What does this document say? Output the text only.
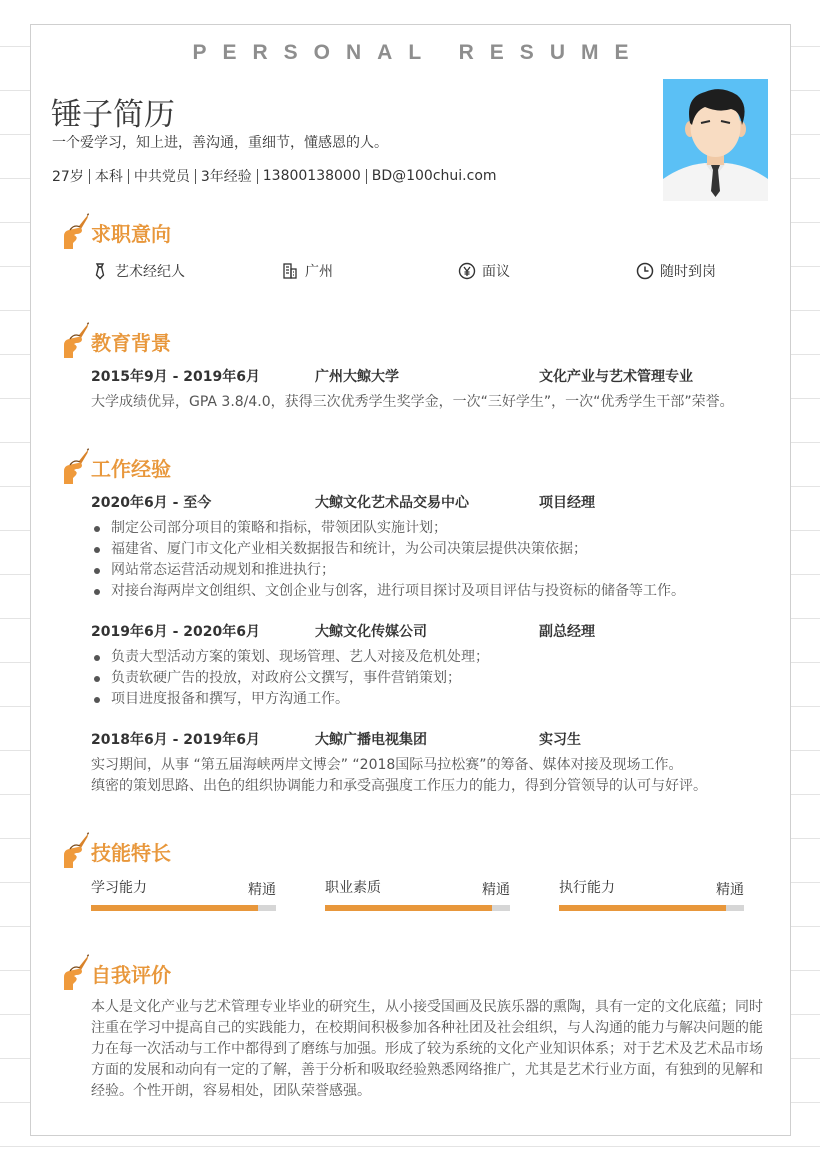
PERSONAL RESUME
锤子简历
一个爱学习，知上进，善沟通，重细节，懂感恩的人。
27岁 本科 中共党员 3年经验 13800138000 BD@100chui.com
求职意向
艺术经纪人	广州	面议	随时到岗
教育背景
2015年9月 - 2019年6月	广州大鲸大学	文化产业与艺术管理专业
大学成绩优异，GPA 3.8/4.0，获得三次优秀学生奖学金，一次“三好学生”，一次“优秀学生干部”荣誉。
工作经验
2020年6月 - 至今	大鲸文化艺术品交易中心	项目经理
制定公司部分项目的策略和指标，带领团队实施计划；
福建省、厦门市文化产业相关数据报告和统计，为公司决策层提供决策依据；
网站常态运营活动规划和推进执行；
对接台海两岸文创组织、文创企业与创客，进行项目探讨及项目评估与投资标的储备等工作。
2019年6月 - 2020年6月	大鲸文化传媒公司	副总经理
负责大型活动方案的策划、现场管理、艺人对接及危机处理；
负责软硬广告的投放，对政府公文撰写，事件营销策划；
项目进度报备和撰写，甲方沟通工作。
2018年6月 - 2019年6月	大鲸广播电视集团	实习生
实习期间，从事 “第五届海峡两岸文博会” “2018国际马拉松赛”的筹备、媒体对接及现场工作。
缜密的策划思路、出色的组织协调能力和承受高强度工作压力的能力，得到分管领导的认可与好评。
技能特长
学习能力	精通	职业素质	精通	执行能力	精通
自我评价
本人是文化产业与艺术管理专业毕业的研究生，从小接受国画及民族乐器的熏陶，具有一定的文化底蕴；同时
注重在学习中提高自己的实践能力，在校期间积极参加各种社团及社会组织，与人沟通的能力与解决问题的能
力在每一次活动与工作中都得到了磨练与加强。形成了较为系统的文化产业知识体系；对于艺术及艺术品市场
方面的发展和动向有一定的了解，善于分析和吸取经验熟悉网络推广，尤其是艺术行业方面，有独到的见解和
经验。个性开朗，容易相处，团队荣誉感强。
